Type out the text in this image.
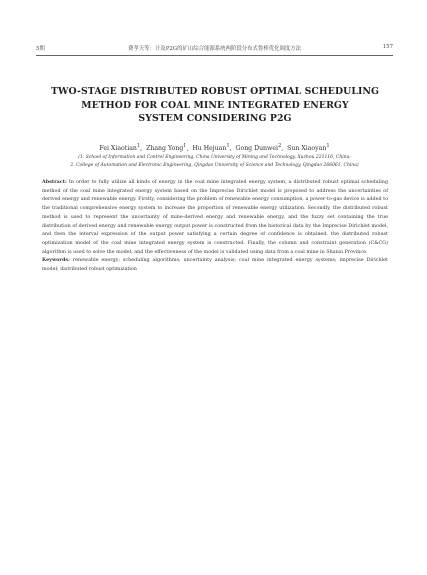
5期	费孝天等：计及P2G的矿山综合能源系统两阶段分布式鲁棒优化调度方法	157
TWO-STAGE DISTRIBUTED ROBUST OPTIMAL SCHEDULING
METHOD FOR COAL MINE INTEGRATED ENERGY
SYSTEM CONSIDERING P2G
Fei Xiaotian$^1$,  Zhang Yong$^1$,  Hu Hejuan$^1$,  Gong Dunwei$^2$,  Sun Xiaoyan$^1$
(1. School of Information and Control Engineering, China University of Mining and Technology, Xuzhou 221116, China;
2. College of Automation and Electronic Engineering, Qingdao University of Science and Technology, Qingdao 266061, China)

Abstract: In order to fully utilize all kinds of energy in the coal mine integrated energy system, a distributed robust optimal scheduling method of the coal mine integrated energy system based on the Imprecise Dirichlet model is proposed to address the uncertainties of derived energy and renewable energy. Firstly, considering the problem of renewable energy consumption, a power-to-gas device is added to the traditional comprehensive energy system to increase the proportion of renewable energy utilization. Secondly, the distributed robust method is used to represent the uncertainty of mine-derived energy and renewable energy, and the fuzzy set containing the true distribution of derived energy and renewable energy output power is constructed from the historical data by the Imprecise Dirichlet model, and then the interval expression of the output power satisfying a certain degree of confidence is obtained. the distributed robust optimization model of the coal mine integrated energy system is constructed. Finally, the column and constraint generation (C&CG) algorithm is used to solve the model, and the effectiveness of the model is validated using data from a coal mine in Shanxi Province.

Keywords: renewable energy; scheduling algorithms; uncertainty analysis; coal mine integrated energy systems; imprecise Dirichlet model; distributed robust optimization
